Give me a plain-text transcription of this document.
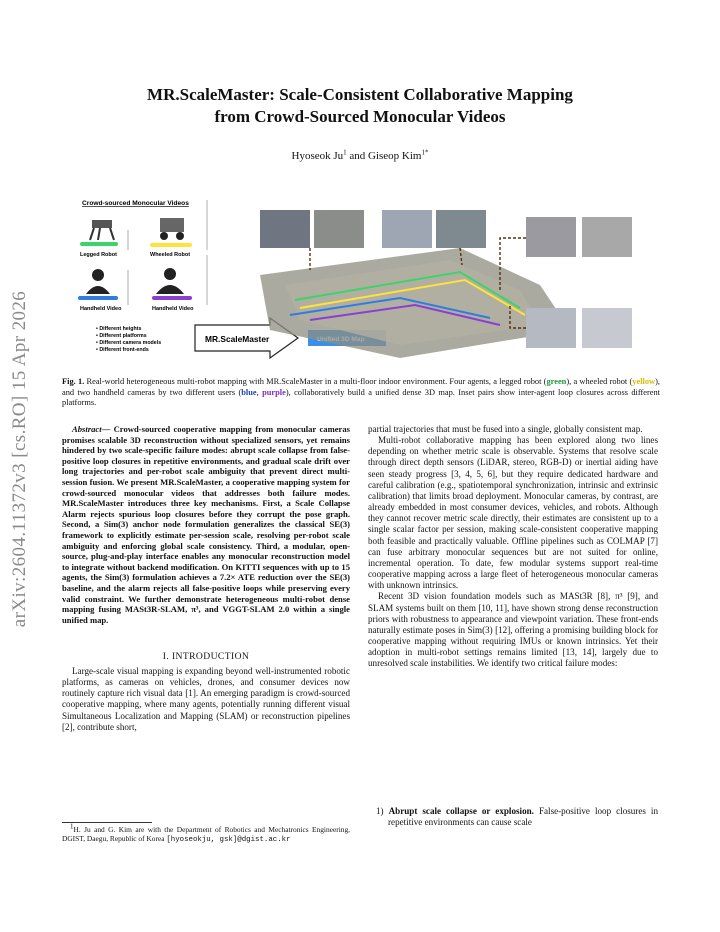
arXiv:2604.11372v3 [cs.RO] 15 Apr 2026
MR.ScaleMaster: Scale-Consistent Collaborative Mapping
from Crowd-Sourced Monocular Videos
Hyoseok Ju$^1$ and Giseop Kim$^{1*}$
Crowd-sourced Monocular Videos
Legged Robot	Wheeled Robot
Handheld Video	Handheld Video
• Different heights
• Different platforms
• Different camera models
• Different front-ends
MR.ScaleMaster
Fig. 1. Real-world heterogeneous multi-robot mapping with MR.ScaleMaster in a multi-floor indoor environment. Four agents, a legged robot (green), a wheeled robot (yellow), and two handheld cameras by two different users (blue, purple), collaboratively build a unified dense 3D map. Inset pairs show inter-agent loop closures across different platforms.

Abstract— Crowd-sourced cooperative mapping from monocular cameras promises scalable 3D reconstruction without specialized sensors, yet remains hindered by two scale-specific failure modes: abrupt scale collapse from false-positive loop closures in repetitive environments, and gradual scale drift over long trajectories and per-robot scale ambiguity that prevent direct multi-session fusion. We present MR.ScaleMaster, a cooperative mapping system for crowd-sourced monocular videos that addresses both failure modes. MR.ScaleMaster introduces three key mechanisms. First, a Scale Collapse Alarm rejects spurious loop closures before they corrupt the pose graph. Second, a Sim(3) anchor node formulation generalizes the classical SE(3) framework to explicitly estimate per-session scale, resolving per-robot scale ambiguity and enforcing global scale consistency. Third, a modular, open-source, plug-and-play interface enables any monocular reconstruction model to integrate without backend modification. On KITTI sequences with up to 15 agents, the Sim(3) formulation achieves a 7.2× ATE reduction over the SE(3) baseline, and the alarm rejects all false-positive loops while preserving every valid constraint. We further demonstrate heterogeneous multi-robot dense mapping fusing MASt3R-SLAM, π³, and VGGT-SLAM 2.0 within a single unified map.

I. INTRODUCTION

Large-scale visual mapping is expanding beyond well-instrumented robotic platforms, as cameras on vehicles, drones, and consumer devices now routinely capture rich visual data [1]. An emerging paradigm is crowd-sourced cooperative mapping, where many agents, potentially running different visual Simultaneous Localization and Mapping (SLAM) or reconstruction pipelines [2], contribute short,

$^1$H. Ju and G. Kim are with the Department of Robotics and Mechatronics Engineering, DGIST, Daegu, Republic of Korea [hyoseokju, gsk]@dgist.ac.kr

partial trajectories that must be fused into a single, globally consistent map.

Multi-robot collaborative mapping has been explored along two lines depending on whether metric scale is observable. Systems that resolve scale through direct depth sensors (LiDAR, stereo, RGB-D) or inertial aiding have seen steady progress [3, 4, 5, 6], but they require dedicated hardware and careful calibration (e.g., spatiotemporal synchronization, intrinsic and extrinsic calibration) that limits broad deployment. Monocular cameras, by contrast, are already embedded in most consumer devices, vehicles, and robots. Although they cannot recover metric scale directly, their estimates are consistent up to a single scalar factor per session, making scale-consistent cooperative mapping both feasible and practically valuable. Offline pipelines such as COLMAP [7] can fuse arbitrary monocular sequences but are not suited for online, incremental operation. To date, few modular systems support real-time cooperative mapping across a large fleet of heterogeneous monocular cameras with unknown intrinsics.

Recent 3D vision foundation models such as MASt3R [8], π³ [9], and SLAM systems built on them [10, 11], have shown strong dense reconstruction priors with robustness to appearance and viewpoint variation. These front-ends naturally estimate poses in Sim(3) [12], offering a promising building block for cooperative mapping without requiring IMUs or known intrinsics. Yet their adoption in multi-robot settings remains limited [13, 14], largely due to unresolved scale instabilities. We identify two critical failure modes:

1) Abrupt scale collapse or explosion. False-positive loop closures in repetitive environments can cause scale
